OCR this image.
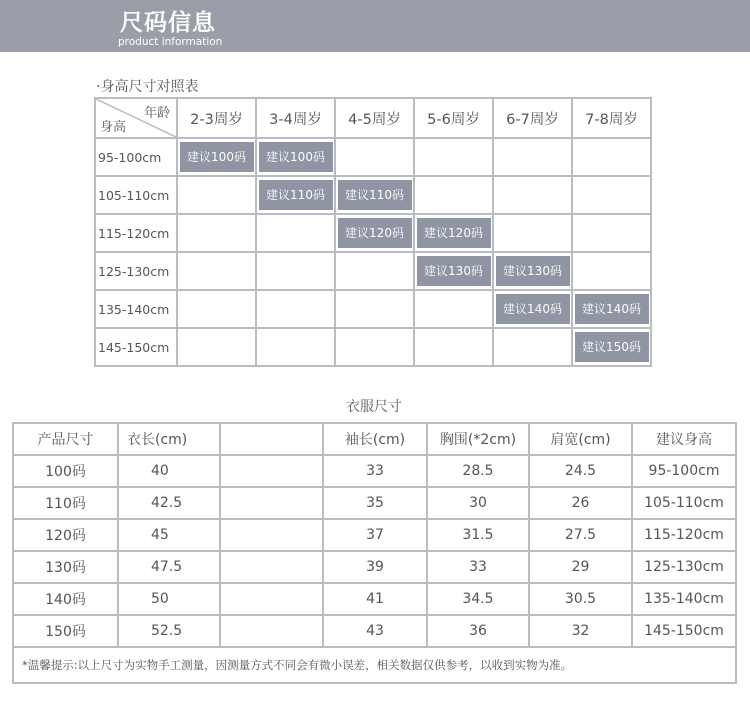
尺码信息
product information
·身高尺寸对照表
年龄
身高	2-3周岁	3-4周岁	4-5周岁	5-6周岁	6-7周岁	7-8周岁
95-100cm	建议100码	建议100码				
105-110cm		建议110码	建议110码			
115-120cm			建议120码	建议120码		
125-130cm				建议130码	建议130码	
135-140cm					建议140码	建议140码
145-150cm						建议150码
衣服尺寸
产品尺寸	衣长(cm)		袖长(cm)	胸围(*2cm)	肩宽(cm)	建议身高
100码	40		33	28.5	24.5	95-100cm
110码	42.5		35	30	26	105-110cm
120码	45		37	31.5	27.5	115-120cm
130码	47.5		39	33	29	125-130cm
140码	50		41	34.5	30.5	135-140cm
150码	52.5		43	36	32	145-150cm
*温馨提示:以上尺寸为实物手工测量，因测量方式不同会有微小误差，相关数据仅供参考，以收到实物为准。						
